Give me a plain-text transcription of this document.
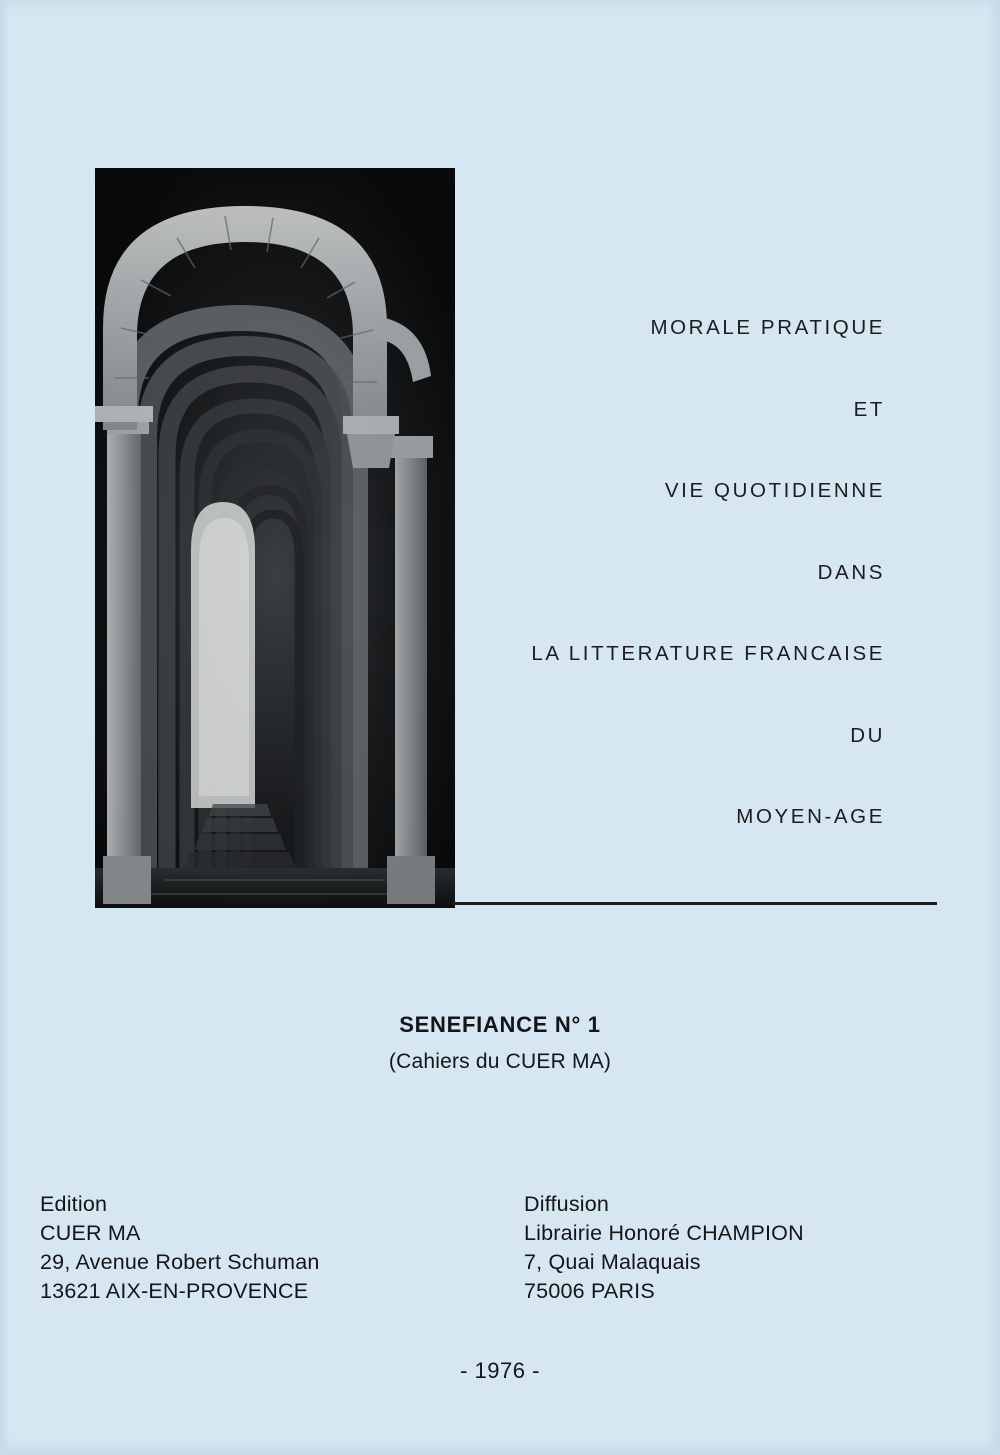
MORALE PRATIQUE
ET
VIE QUOTIDIENNE
DANS
LA LITTERATURE FRANCAISE
DU
MOYEN-AGE
SENEFIANCE N° 1
(Cahiers du CUER MA)
Edition
CUER MA
29, Avenue Robert Schuman
13621 AIX-EN-PROVENCE
Diffusion
Librairie Honoré CHAMPION
7, Quai Malaquais
75006 PARIS
- 1976 -
